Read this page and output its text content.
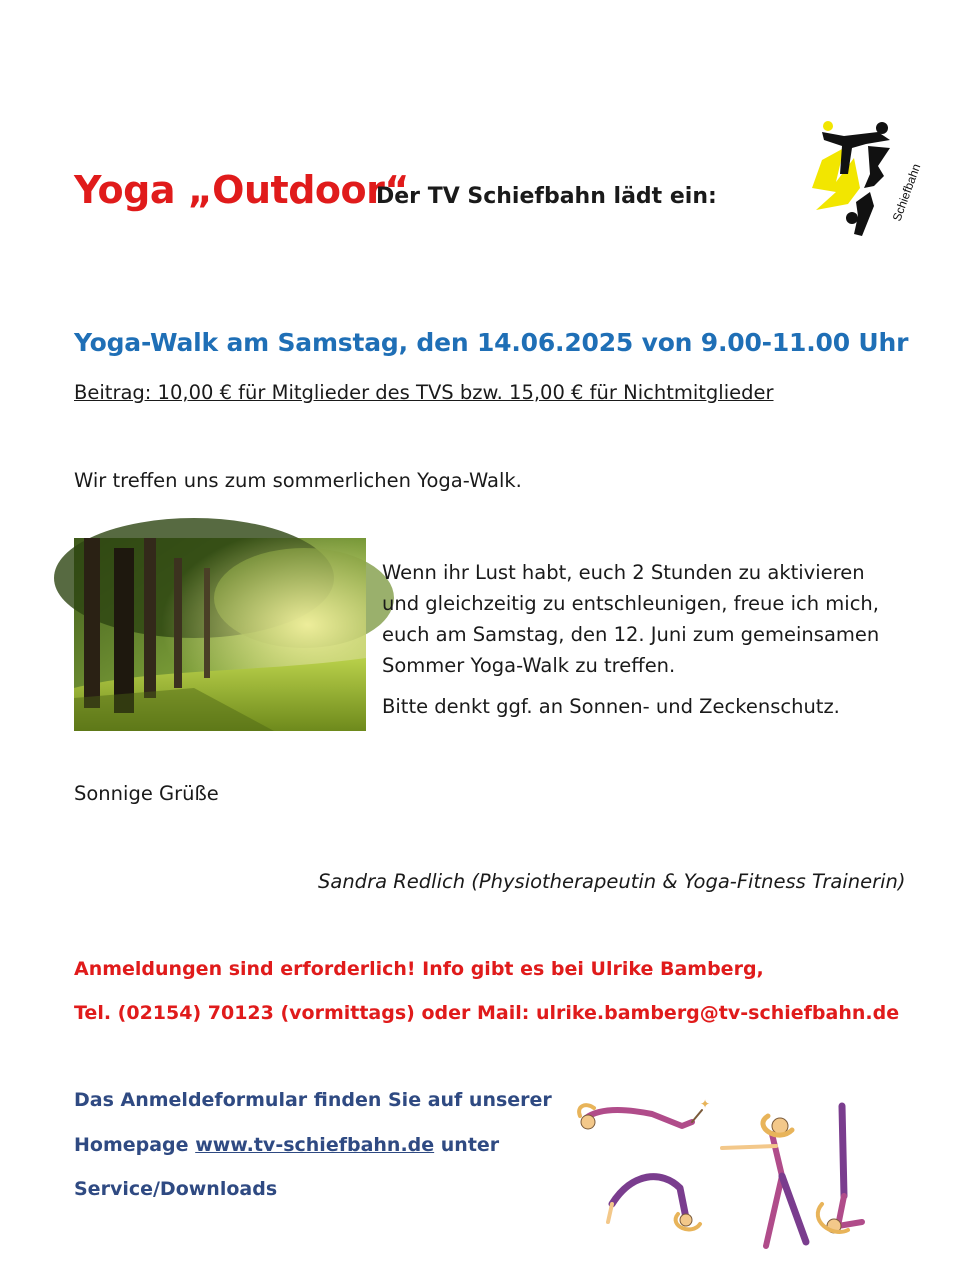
Yoga „Outdoor“
Der TV Schiefbahn lädt ein:	Schiefbahn
Yoga-Walk am Samstag, den 14.06.2025 von 9.00-11.00 Uhr
Beitrag: 10,00 € für Mitglieder des TVS bzw. 15,00 € für Nichtmitglieder
Wir treffen uns zum sommerlichen Yoga-Walk.

Wenn ihr Lust habt, euch 2 Stunden zu aktivieren und gleichzeitig zu entschleunigen, freue ich mich, euch am Samstag, den 12. Juni zum gemeinsamen Sommer Yoga-Walk zu treffen.

Bitte denkt ggf. an Sonnen- und Zeckenschutz.

Sonnige Grüße
Sandra Redlich (Physiotherapeutin & Yoga-Fitness Trainerin)
Anmeldungen sind erforderlich! Info gibt es bei Ulrike Bamberg,
Tel. (02154) 70123 (vormittags) oder Mail: ulrike.bamberg@tv-schiefbahn.de
Das Anmeldeformular finden Sie auf unserer
Homepage www.tv-schiefbahn.de unter
Service/Downloads
✦
